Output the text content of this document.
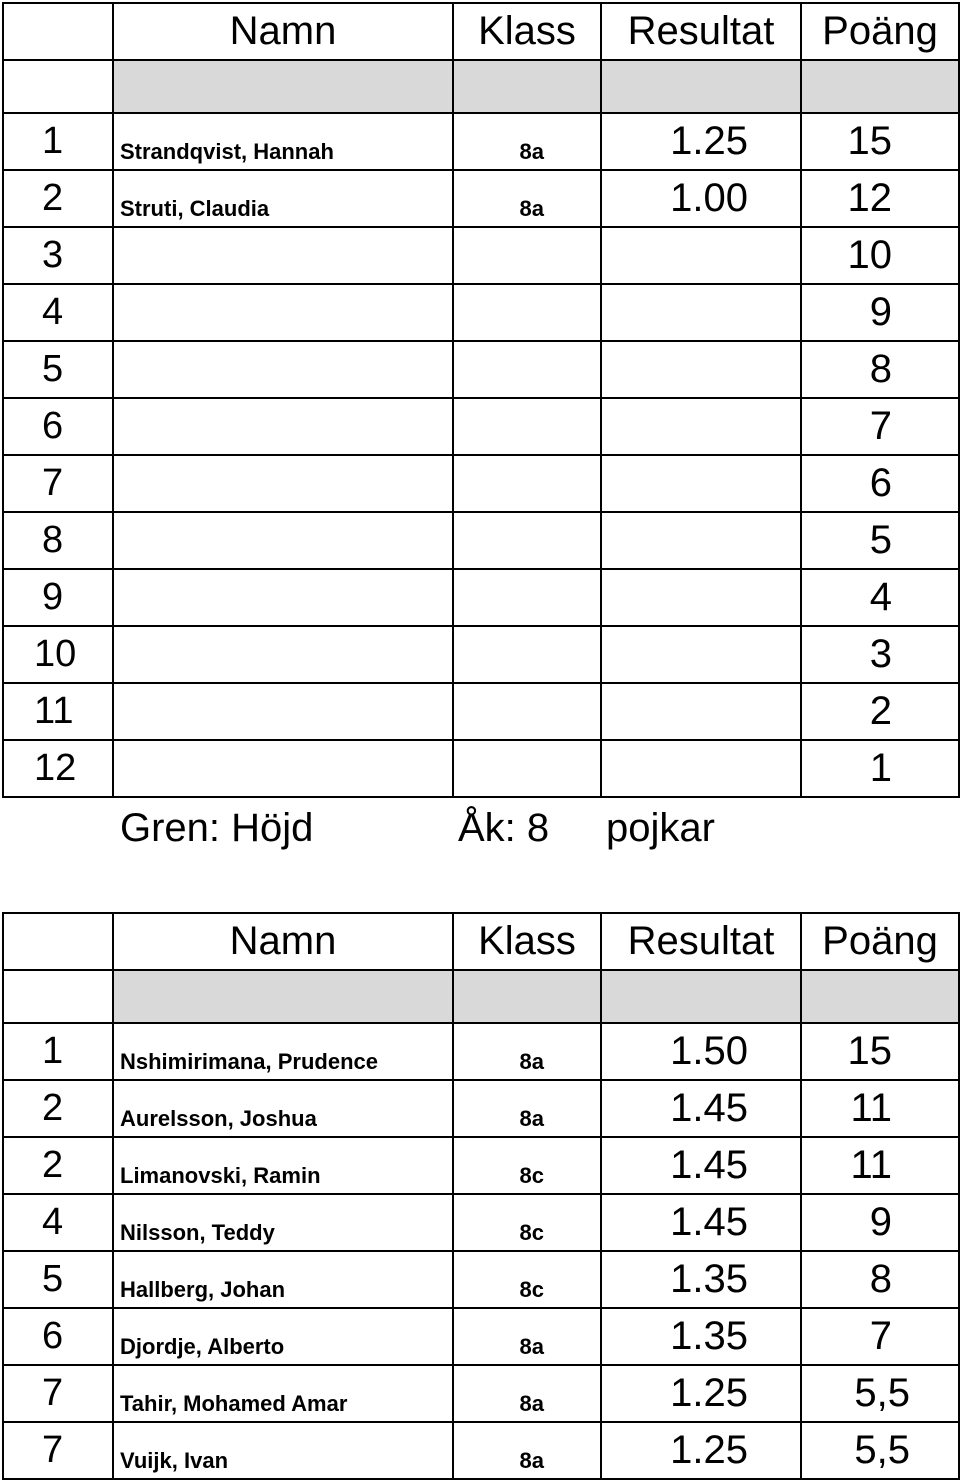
	Namn	Klass	Resultat	Poäng

1	Strandqvist, Hannah	8a	1.25	15
2	Struti, Claudia	8a	1.00	12
3				10
4				9
5				8
6				7
7				6
8				5
9				4
10				3
11				2
12				1
Gren: Höjd	Åk: 8 pojkar
	Namn	Klass	Resultat	Poäng

1	Nshimirimana, Prudence	8a	1.50	15
2	Aurelsson, Joshua	8a	1.45	11
2	Limanovski, Ramin	8c	1.45	11
4	Nilsson, Teddy	8c	1.45	9
5	Hallberg, Johan	8c	1.35	8
6	Djordje, Alberto	8a	1.35	7
7	Tahir, Mohamed Amar	8a	1.25	5,5
7	Vuijk, Ivan	8a	1.25	5,5
